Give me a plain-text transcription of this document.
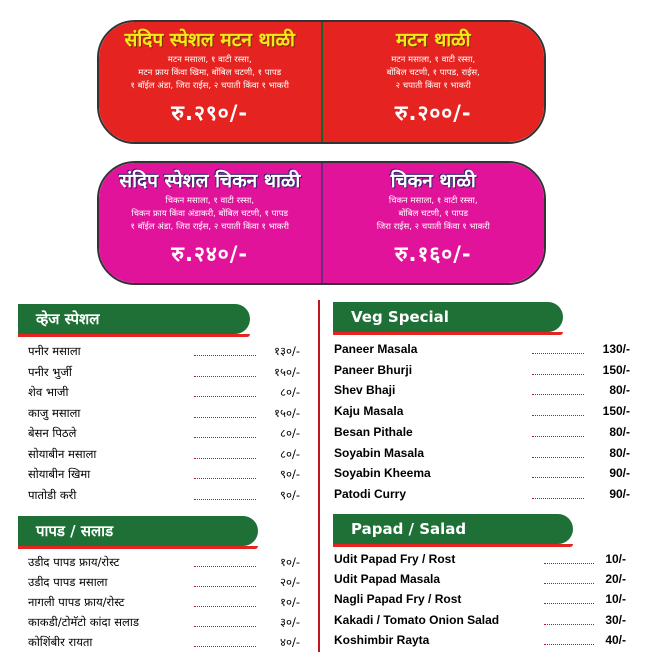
संदिप स्पेशल मटन थाळी
मटन मसाला, १ वाटी रस्सा,
मटन फ्राय किंवा खिमा, बोंबिल चटणी, १ पापड
१ बॉईल अंडा, जिरा राईस, २ चपाती किंवा १ भाकरी
रु.२९०/-
मटन थाळी
मटन मसाला, १ वाटी रस्सा,
बोंबिल चटणी, १ पापड, राईस,
२ चपाती किंवा १ भाकरी
रु.२००/-
संदिप स्पेशल चिकन थाळी
चिकन मसाला, १ वाटी रस्सा,
चिकन फ्राय किंवा अंडाकरी, बोंबिल चटणी, १ पापड
१ बॉईल अंडा, जिरा राईस, २ चपाती किंवा १ भाकरी
रु.२४०/-
चिकन थाळी
चिकन मसाला, १ वाटी रस्सा,
बोंबिल चटणी, १ पापड
जिरा राईस, २ चपाती किंवा १ भाकरी
रु.१६०/-
व्हेज स्पेशल	Veg Special
पापड / सलाड	Papad / Salad
पनीर मसाला	१३०/-
पनीर भुर्जी	१५०/-
शेव भाजी	८०/-
काजु मसाला	१५०/-
बेसन पिठले	८०/-
सोयाबीन मसाला	८०/-
सोयाबीन खिमा	९०/-
पातोडी करी	९०/-
Paneer Masala	130/-
Paneer Bhurji	150/-
Shev Bhaji	80/-
Kaju Masala	150/-
Besan Pithale	80/-
Soyabin Masala	80/-
Soyabin Kheema	90/-
Patodi Curry	90/-
उडीद पापड फ्राय/रोस्ट	१०/-
उडीद पापड मसाला	२०/-
नागली पापड फ्राय/रोस्ट	१०/-
काकडी/टोमॅटो कांदा सलाड	३०/-
कोशिंबीर रायता	४०/-
Udit Papad Fry / Rost	10/-
Udit Papad Masala	20/-
Nagli Papad Fry / Rost	10/-
Kakadi / Tomato Onion Salad	30/-
Koshimbir Rayta	40/-
